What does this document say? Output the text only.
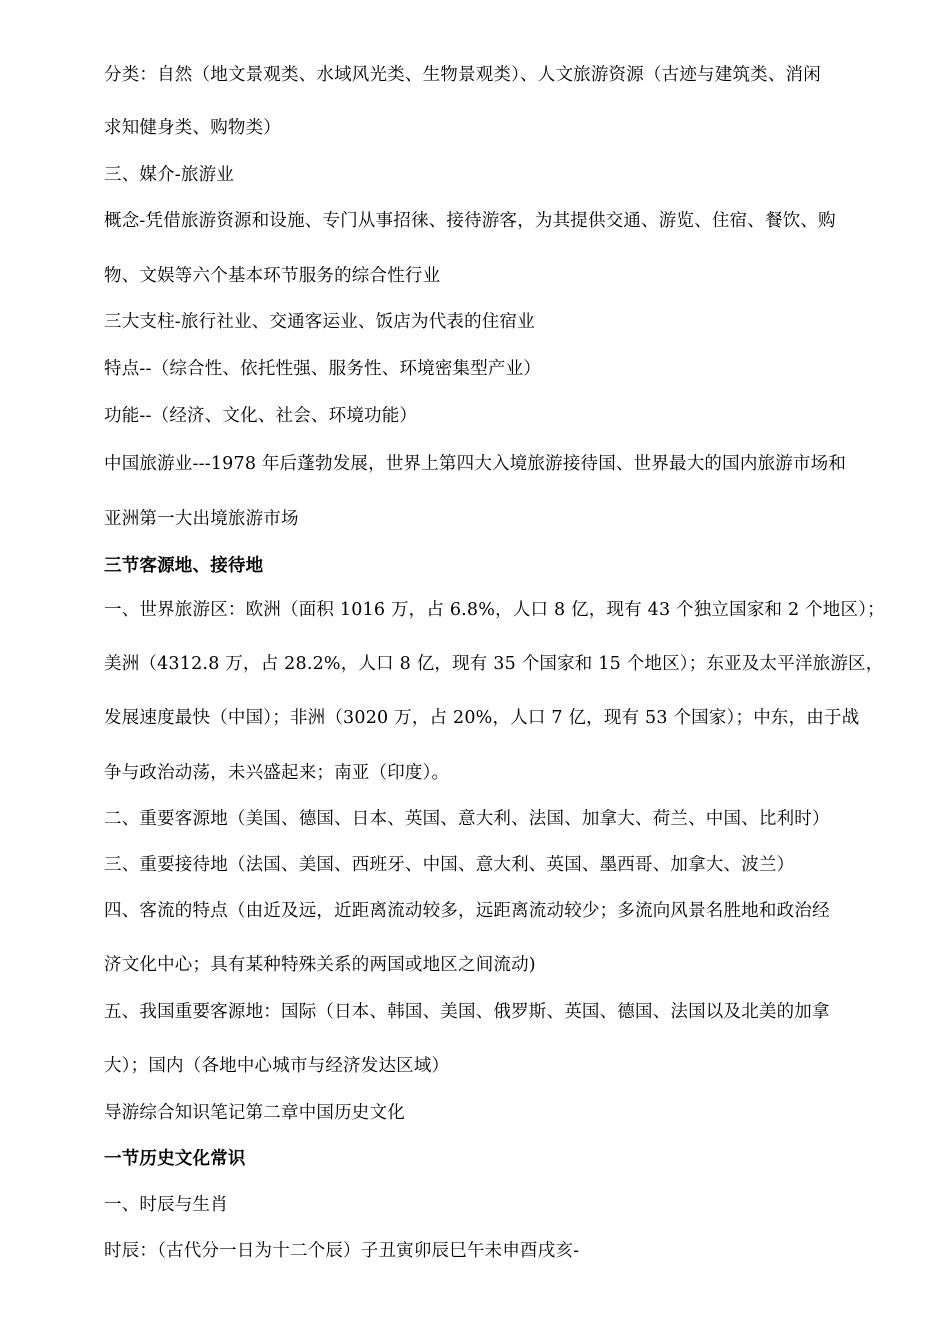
分类：自然（地文景观类、水域风光类、生物景观类）、人文旅游资源（古迹与建筑类、消闲
求知健身类、购物类）
三、媒介-旅游业
概念-凭借旅游资源和设施、专门从事招徕、接待游客，为其提供交通、游览、住宿、餐饮、购
物、文娱等六个基本环节服务的综合性行业
三大支柱-旅行社业、交通客运业、饭店为代表的住宿业
特点--（综合性、依托性强、服务性、环境密集型产业）
功能--（经济、文化、社会、环境功能）
中国旅游业---1978 年后蓬勃发展，世界上第四大入境旅游接待国、世界最大的国内旅游市场和
亚洲第一大出境旅游市场
三节客源地、接待地
一、世界旅游区：欧洲（面积 1016 万，占 6.8%，人口 8 亿，现有 43 个独立国家和 2 个地区）；
美洲（4312.8 万，占 28.2%，人口 8 亿，现有 35 个国家和 15 个地区）；东亚及太平洋旅游区，
发展速度最快（中国）；非洲（3020 万，占 20%，人口 7 亿，现有 53 个国家）；中东，由于战
争与政治动荡，未兴盛起来；南亚（印度）。
二、重要客源地（美国、德国、日本、英国、意大利、法国、加拿大、荷兰、中国、比利时）
三、重要接待地（法国、美国、西班牙、中国、意大利、英国、墨西哥、加拿大、波兰）
四、客流的特点（由近及远，近距离流动较多，远距离流动较少；多流向风景名胜地和政治经
济文化中心；具有某种特殊关系的两国或地区之间流动)
五、我国重要客源地：国际（日本、韩国、美国、俄罗斯、英国、德国、法国以及北美的加拿
大）；国内（各地中心城市与经济发达区域）
导游综合知识笔记第二章中国历史文化
一节历史文化常识
一、时辰与生肖
时辰：（古代分一日为十二个辰）子丑寅卯辰巳午未申酉戌亥-
